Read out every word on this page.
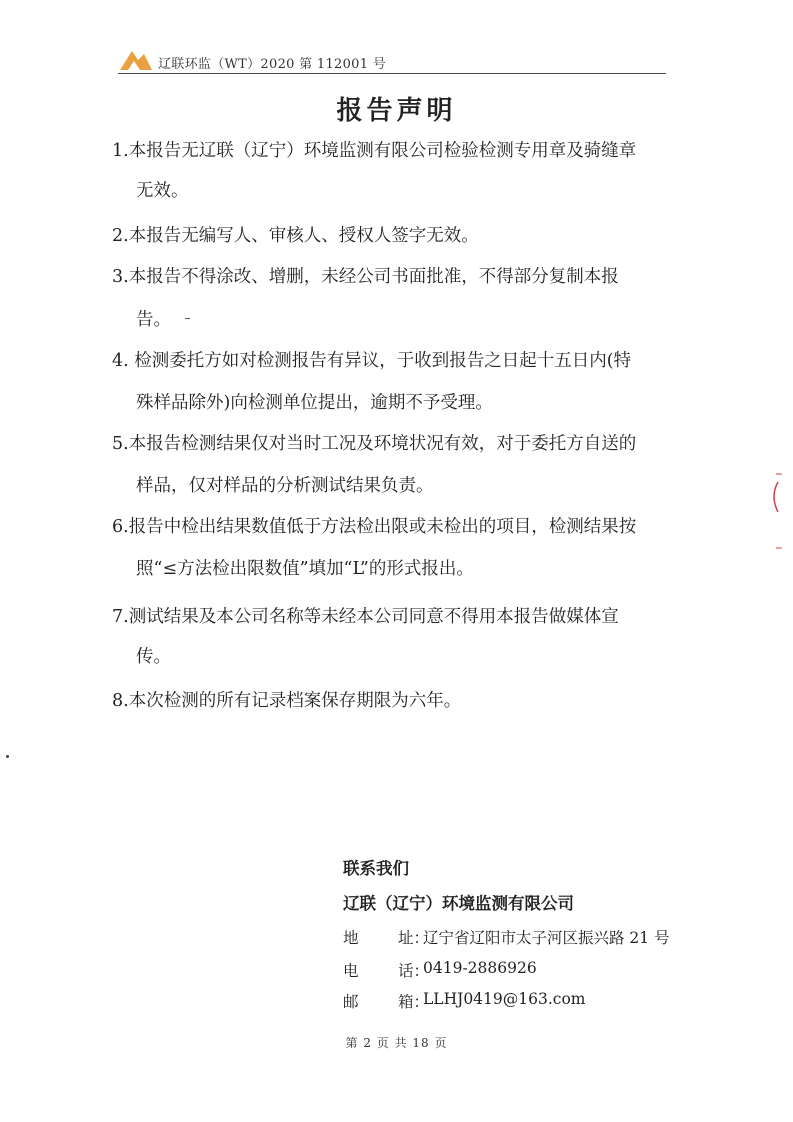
辽联环监（WT）2020 第 112001 号
报告声明
1.本报告无辽联（辽宁）环境监测有限公司检验检测专用章及骑缝章
无效。
2.本报告无编写人、审核人、授权人签字无效。
3.本报告不得涂改、增删，未经公司书面批准，不得部分复制本报
告。
4. 检测委托方如对检测报告有异议，于收到报告之日起十五日内(特
殊样品除外)向检测单位提出，逾期不予受理。
5.本报告检测结果仅对当时工况及环境状况有效，对于委托方自送的
样品，仅对样品的分析测试结果负责。
6.报告中检出结果数值低于方法检出限或未检出的项目，检测结果按
照“≤方法检出限数值”填加“L”的形式报出。
7.测试结果及本公司名称等未经本公司同意不得用本报告做媒体宣
传。
8.本次检测的所有记录档案保存期限为六年。
联系我们
辽联（辽宁）环境监测有限公司
地	址：
辽宁省辽阳市太子河区振兴路 21 号
电	话：
0419-2886926
邮	箱：
LLHJ0419@163.com
第 2 页 共 18 页
